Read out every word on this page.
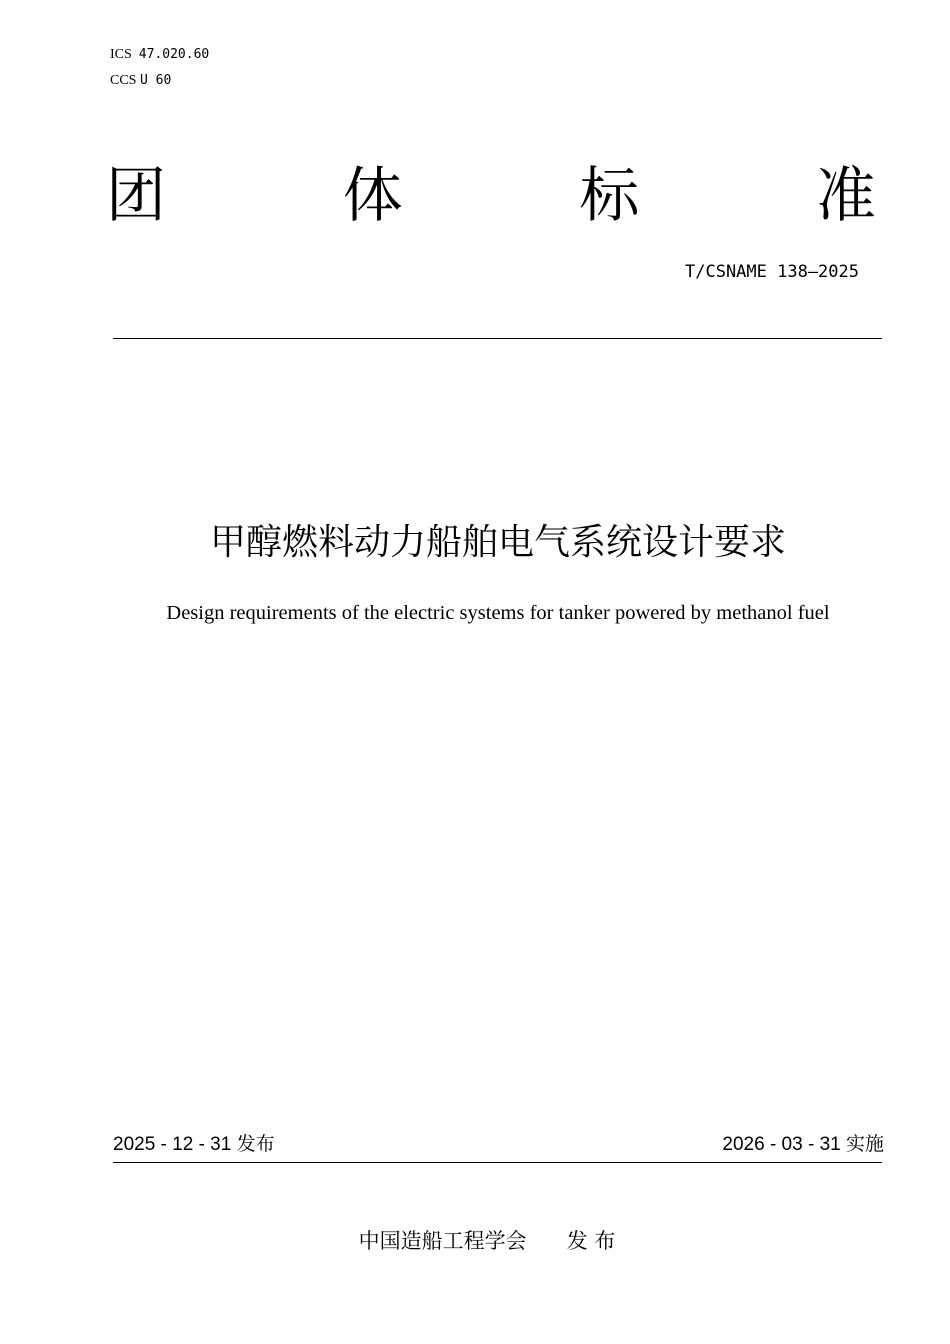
ICS 47.020.60
CCS U 60
团	体	标	准
T/CSNAME 138—2025
甲醇燃料动力船舶电气系统设计要求
Design requirements of the electric systems for tanker powered by methanol fuel
2025 - 12 - 31 发布	2026 - 03 - 31 实施
中国造船工程学会 发 布
